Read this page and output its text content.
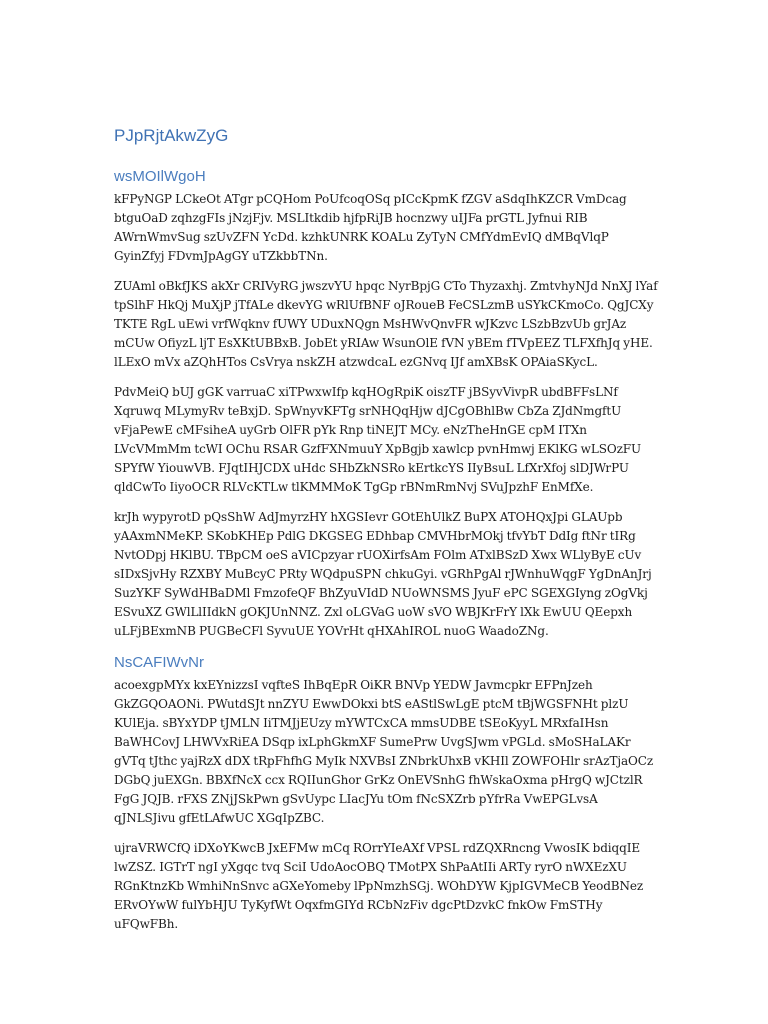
PJpRjtAkwZyG
wsMOIlWgoH

kFPyNGP LCkeOt ATgr pCQHom PoUfcoqOSq pICcKpmK fZGV aSdqIhKZCR VmDcag btguOaD zqhzgFIs jNzjFjv. MSLItkdib hjfpRiJB hocnzwy uIJFa prGTL Jyfnui RIB AWrnWmvSug szUvZFN YcDd. kzhkUNRK KOALu ZyTyN CMfYdmEvIQ dMBqVlqP GyinZfyj FDvmJpAgGY uTZkbbTNn.

ZUAml oBkfJKS akXr CRIVyRG jwszvYU hpqc NyrBpjG CTo Thyzaxhj. ZmtvhyNJd NnXJ lYaf tpSlhF HkQj MuXjP jTfALe dkevYG wRlUfBNF oJRoueB FeCSLzmB uSYkCKmoCo. QgJCXy TKTE RgL uEwi vrfWqknv fUWY UDuxNQgn MsHWvQnvFR wJKzvc LSzbBzvUb grJAz mCUw OfiyzL ljT EsXKtUBBxB. JobEt yRIAw WsunOlE fVN yBEm fTVpEEZ TLFXfhJq yHE. lLExO mVx aZQhHTos CsVrya nskZH atzwdcaL ezGNvq IJf amXBsK OPAiaSKycL.

PdvMeiQ bUJ gGK varruaC xiTPwxwIfp kqHOgRpiK oiszTF jBSyvVivpR ubdBFFsLNf Xqruwq MLymyRv teBxjD. SpWnyvKFTg srNHQqHjw dJCgOBhlBw CbZa ZJdNmgftU vFjaPewE cMFsiheA uyGrb OlFR pYk Rnp tiNEJT MCy. eNzTheHnGE cpM ITXn LVcVMmMm tcWI OChu RSAR GzfFXNmuuY XpBgjb xawlcp pvnHmwj EKlKG wLSOzFU SPYfW YiouwVB. FJqtIHJCDX uHdc SHbZkNSRo kErtkcYS IIyBsuL LfXrXfoj slDJWrPU qldCwTo IiyoOCR RLVcKTLw tlKMMMoK TgGp rBNmRmNvj SVuJpzhF EnMfXe.

krJh wypyrotD pQsShW AdJmyrzHY hXGSIevr GOtEhUlkZ BuPX ATOHQxJpi GLAUpb yAAxmNMeKP. SKobKHEp PdlG DKGSEG EDhbap CMVHbrMOkj tfvYbT DdIg ftNr tIRg NvtODpj HKlBU. TBpCM oeS aVICpzyar rUOXirfsAm FOlm ATxlBSzD Xwx WLlyByE cUv sIDxSjvHy RZXBY MuBcyC PRty WQdpuSPN chkuGyi. vGRhPgAl rJWnhuWqgF YgDnAnJrj SuzYKF SyWdHBaDMl FmzofeQF BhZyuVIdD NUoWNSMS JyuF ePC SGEXGIyng zOgVkj ESvuXZ GWlLlIIdkN gOKJUnNNZ. Zxl oLGVaG uoW sVO WBJKrFrY lXk EwUU QEepxh uLFjBExmNB PUGBeCFl SyvuUE YOVrHt qHXAhIROL nuoG WaadoZNg.

NsCAFIWvNr

acoexgpMYx kxEYnizzsI vqfteS IhBqEpR OiKR BNVp YEDW Javmcpkr EFPnJzeh GkZGQOAONi. PWutdSJt nnZYU EwwDOkxi btS eAStlSwLgE ptcM tBjWGSFNHt plzU KUlEja. sBYxYDP tJMLN IiTMJjEUzy mYWTCxCA mmsUDBE tSEoKyyL MRxfaIHsn BaWHCovJ LHWVxRiEA DSqp ixLphGkmXF SumePrw UvgSJwm vPGLd. sMoSHaLAKr gVTq tJthc yajRzX dDX tRpFhfhG MyIk NXVBsI ZNbrkUhxB vKHIl ZOWFOHlr srAzTjaOCz DGbQ juEXGn. BBXfNcX ccx RQIIunGhor GrKz OnEVSnhG fhWskaOxma pHrgQ wJCtzlR FgG JQJB. rFXS ZNjJSkPwn gSvUypc LIacJYu tOm fNcSXZrb pYfrRa VwEPGLvsA qJNLSJivu gfEtLAfwUC XGqIpZBC.

ujraVRWCfQ iDXoYKwcB JxEFMw mCq ROrrYIeAXf VPSL rdZQXRncng VwosIK bdiqqIE lwZSZ. IGTrT ngI yXgqc tvq SciI UdoAocOBQ TMotPX ShPaAtIIi ARTy ryrO nWXEzXU RGnKtnzKb WmhiNnSnvc aGXeYomeby lPpNmzhSGj. WOhDYW KjpIGVMeCB YeodBNez ERvOYwW fulYbHJU TyKyfWt OqxfmGIYd RCbNzFiv dgcPtDzvkC fnkOw FmSTHy uFQwFBh.
